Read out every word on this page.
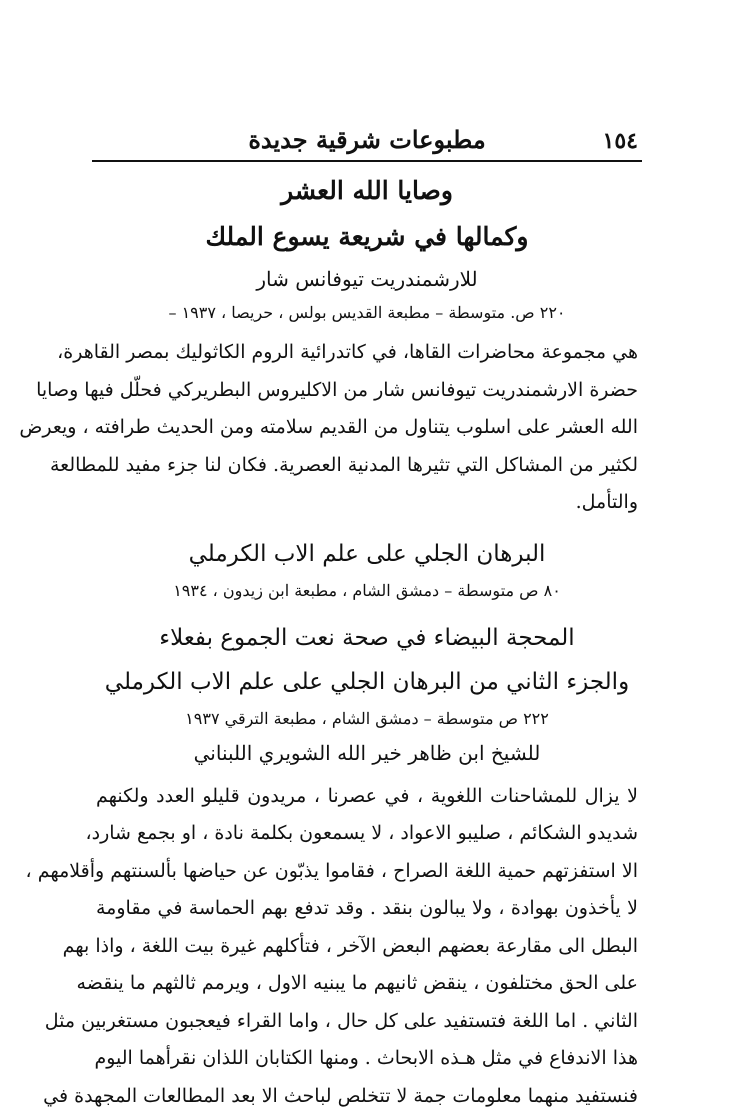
١٥٤
مطبوعات شرقية جديدة
وصايا الله العشر
وكمالها في شريعة يسوع الملك
للارشمندريت تيوفانس شار
٢٢٠ ص. متوسطة – مطبعة القديس بولس ، حريصا ، ١٩٣٧ –
هي مجموعة محاضرات القاها، في كاتدرائية الروم الكاثوليك بمصر القاهرة،
حضرة الارشمندريت تيوفانس شار من الاكليروس البطريركي فحلّل فيها وصايا
الله العشر على اسلوب يتناول من القديم سلامته ومن الحديث طرافته ، ويعرض
لكثير من المشاكل التي تثيرها المدنية العصرية. فكان لنا جزء مفيد للمطالعة
والتأمل.
البرهان الجلي على علم الاب الكرملي
٨٠ ص متوسطة – دمشق الشام ، مطبعة ابن زيدون ، ١٩٣٤
المحجة البيضاء في صحة نعت الجموع بفعلاء
والجزء الثاني من البرهان الجلي على علم الاب الكرملي
٢٢٢ ص متوسطة – دمشق الشام ، مطبعة الترقي ١٩٣٧
للشيخ ابن ظاهر خير الله الشويري اللبناني
لا يزال للمشاحنات اللغوية ، في عصرنا ، مريدون قليلو العدد ولكنهم
شديدو الشكائم ، صليبو الاعواد ، لا يسمعون بكلمة نادة ، او بجمع شارد،
الا استفزتهم حمية اللغة الصراح ، فقاموا يذبّون عن حياضها بألسنتهم وأقلامهم ،
لا يأخذون بهوادة ، ولا يبالون بنقد . وقد تدفع بهم الحماسة في مقاومة
البطل الى مقارعة بعضهم البعض الآخر ، فتأكلهم غيرة بيت اللغة ، واذا بهم
على الحق مختلفون ، ينقض ثانيهم ما يبنيه الاول ، ويرمم ثالثهم ما ينقضه
الثاني . اما اللغة فتستفيد على كل حال ، واما القراء فيعجبون مستغربين مثل
هذا الاندفاع في مثل هـذه الابحاث . ومنها الكتابان اللذان نقرأهما اليوم
فنستفيد منهما معلومات جمة لا تتخلص لباحث الا بعد المطالعات المجهدة في
